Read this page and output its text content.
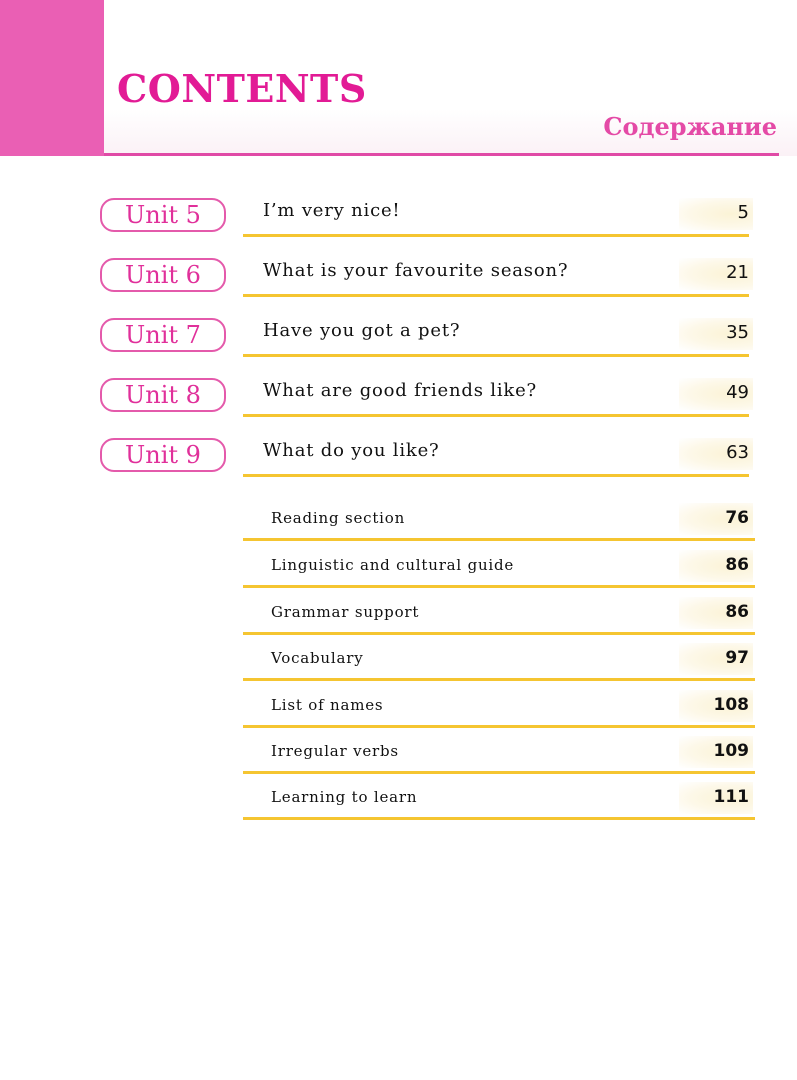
CONTENTS
Содержание
Unit 5	I’m very nice!	5
Unit 6	What is your favourite season?	21
Unit 7	Have you got a pet?	35
Unit 8	What are good friends like?	49
Unit 9	What do you like?	63
Reading section	76
Linguistic and cultural guide	86
Grammar support	86
Vocabulary	97
List of names	108
Irregular verbs	109
Learning to learn	111
